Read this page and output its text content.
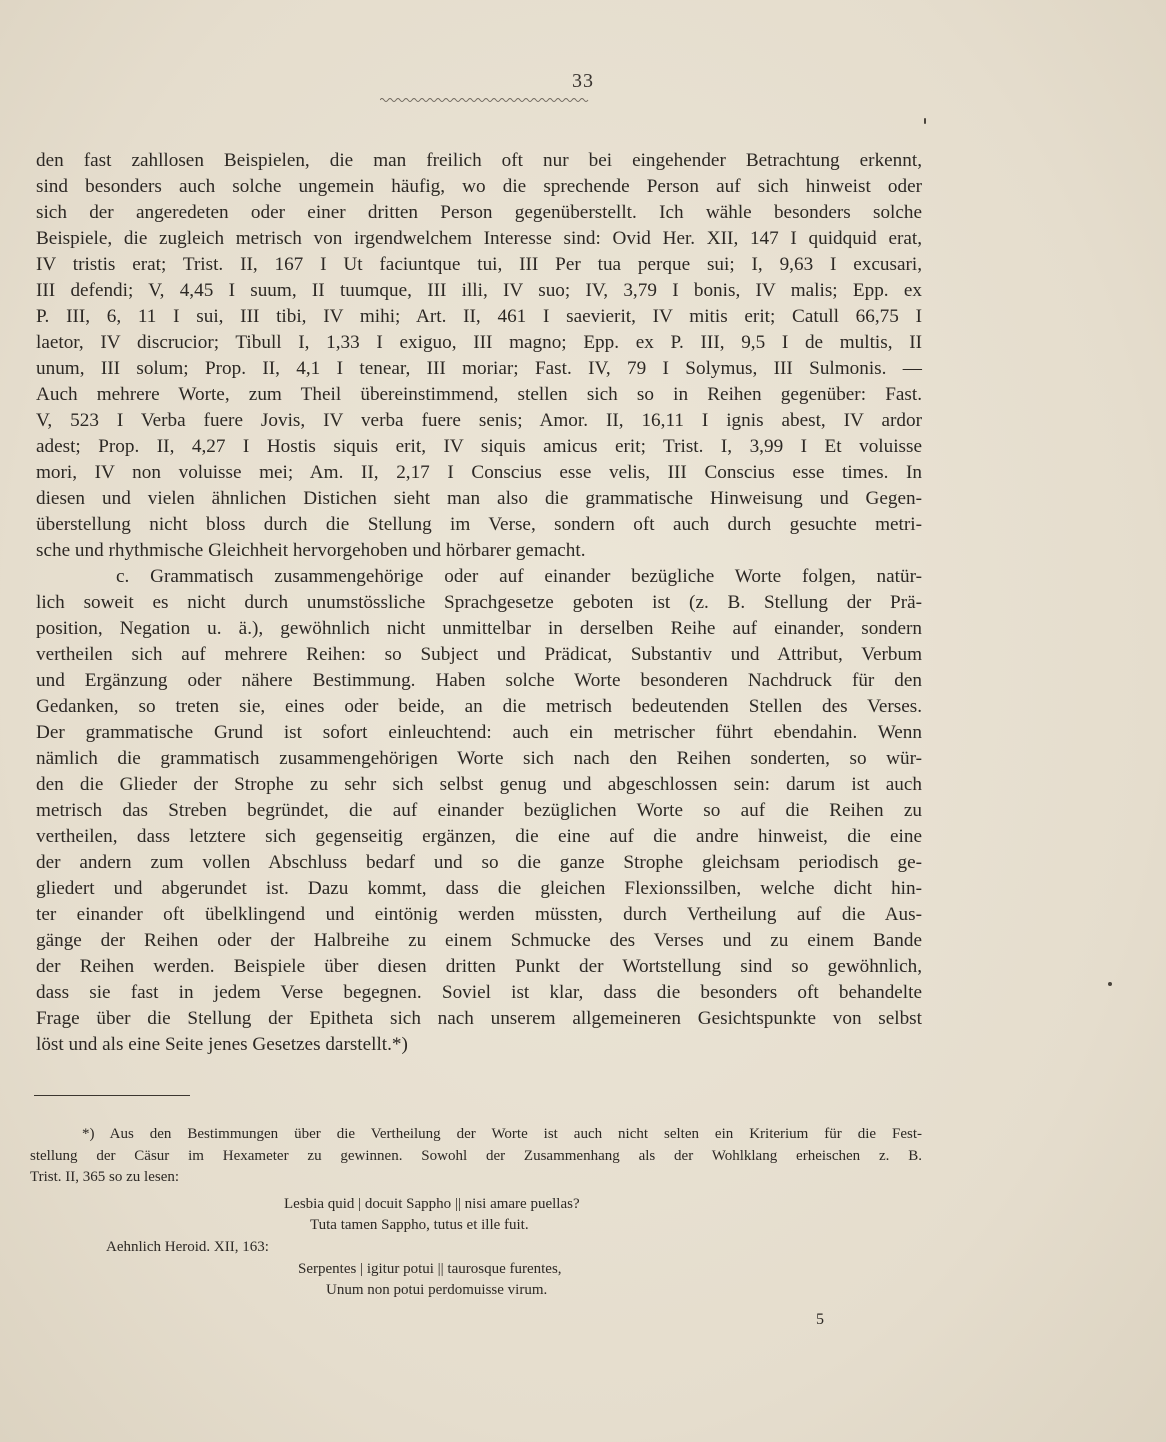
33
den fast zahllosen Beispielen, die man freilich oft nur bei eingehender Betrachtung erkennt,
sind besonders auch solche ungemein häufig, wo die sprechende Person auf sich hinweist oder
sich der angeredeten oder einer dritten Person gegenüberstellt. Ich wähle besonders solche
Beispiele, die zugleich metrisch von irgendwelchem Interesse sind: Ovid Her. XII, 147 I quidquid erat,
IV tristis erat; Trist. II, 167 I Ut faciuntque tui, III Per tua perque sui; I, 9,63 I excusari,
III defendi; V, 4,45 I suum, II tuumque, III illi, IV suo; IV, 3,79 I bonis, IV malis; Epp. ex
P. III, 6, 11 I sui, III tibi, IV mihi; Art. II, 461 I saevierit, IV mitis erit; Catull 66,75 I
laetor, IV discrucior; Tibull I, 1,33 I exiguo, III magno; Epp. ex P. III, 9,5 I de multis, II
unum, III solum; Prop. II, 4,1 I tenear, III moriar; Fast. IV, 79 I Solymus, III Sulmonis. —
Auch mehrere Worte, zum Theil übereinstimmend, stellen sich so in Reihen gegenüber: Fast.
V, 523 I Verba fuere Jovis, IV verba fuere senis; Amor. II, 16,11 I ignis abest, IV ardor
adest; Prop. II, 4,27 I Hostis siquis erit, IV siquis amicus erit; Trist. I, 3,99 I Et voluisse
mori, IV non voluisse mei; Am. II, 2,17 I Conscius esse velis, III Conscius esse times. In
diesen und vielen ähnlichen Distichen sieht man also die grammatische Hinweisung und Gegen-
überstellung nicht bloss durch die Stellung im Verse, sondern oft auch durch gesuchte metri-
sche und rhythmische Gleichheit hervorgehoben und hörbarer gemacht.
c. Grammatisch zusammengehörige oder auf einander bezügliche Worte folgen, natür-
lich soweit es nicht durch unumstössliche Sprachgesetze geboten ist (z. B. Stellung der Prä-
position, Negation u. ä.), gewöhnlich nicht unmittelbar in derselben Reihe auf einander, sondern
vertheilen sich auf mehrere Reihen: so Subject und Prädicat, Substantiv und Attribut, Verbum
und Ergänzung oder nähere Bestimmung. Haben solche Worte besonderen Nachdruck für den
Gedanken, so treten sie, eines oder beide, an die metrisch bedeutenden Stellen des Verses.
Der grammatische Grund ist sofort einleuchtend: auch ein metrischer führt ebendahin. Wenn
nämlich die grammatisch zusammengehörigen Worte sich nach den Reihen sonderten, so wür-
den die Glieder der Strophe zu sehr sich selbst genug und abgeschlossen sein: darum ist auch
metrisch das Streben begründet, die auf einander bezüglichen Worte so auf die Reihen zu
vertheilen, dass letztere sich gegenseitig ergänzen, die eine auf die andre hinweist, die eine
der andern zum vollen Abschluss bedarf und so die ganze Strophe gleichsam periodisch ge-
gliedert und abgerundet ist. Dazu kommt, dass die gleichen Flexionssilben, welche dicht hin-
ter einander oft übelklingend und eintönig werden müssten, durch Vertheilung auf die Aus-
gänge der Reihen oder der Halbreihe zu einem Schmucke des Verses und zu einem Bande
der Reihen werden. Beispiele über diesen dritten Punkt der Wortstellung sind so gewöhnlich,
dass sie fast in jedem Verse begegnen. Soviel ist klar, dass die besonders oft behandelte
Frage über die Stellung der Epitheta sich nach unserem allgemeineren Gesichtspunkte von selbst
löst und als eine Seite jenes Gesetzes darstellt.*)
*) Aus den Bestimmungen über die Vertheilung der Worte ist auch nicht selten ein Kriterium für die Fest-
stellung der Cäsur im Hexameter zu gewinnen. Sowohl der Zusammenhang als der Wohlklang erheischen z. B.
Trist. II, 365 so zu lesen:
Lesbia quid | docuit Sappho || nisi amare puellas?
Tuta tamen Sappho, tutus et ille fuit.
Aehnlich Heroid. XII, 163:
Serpentes | igitur potui || taurosque furentes,
Unum non potui perdomuisse virum.
5
